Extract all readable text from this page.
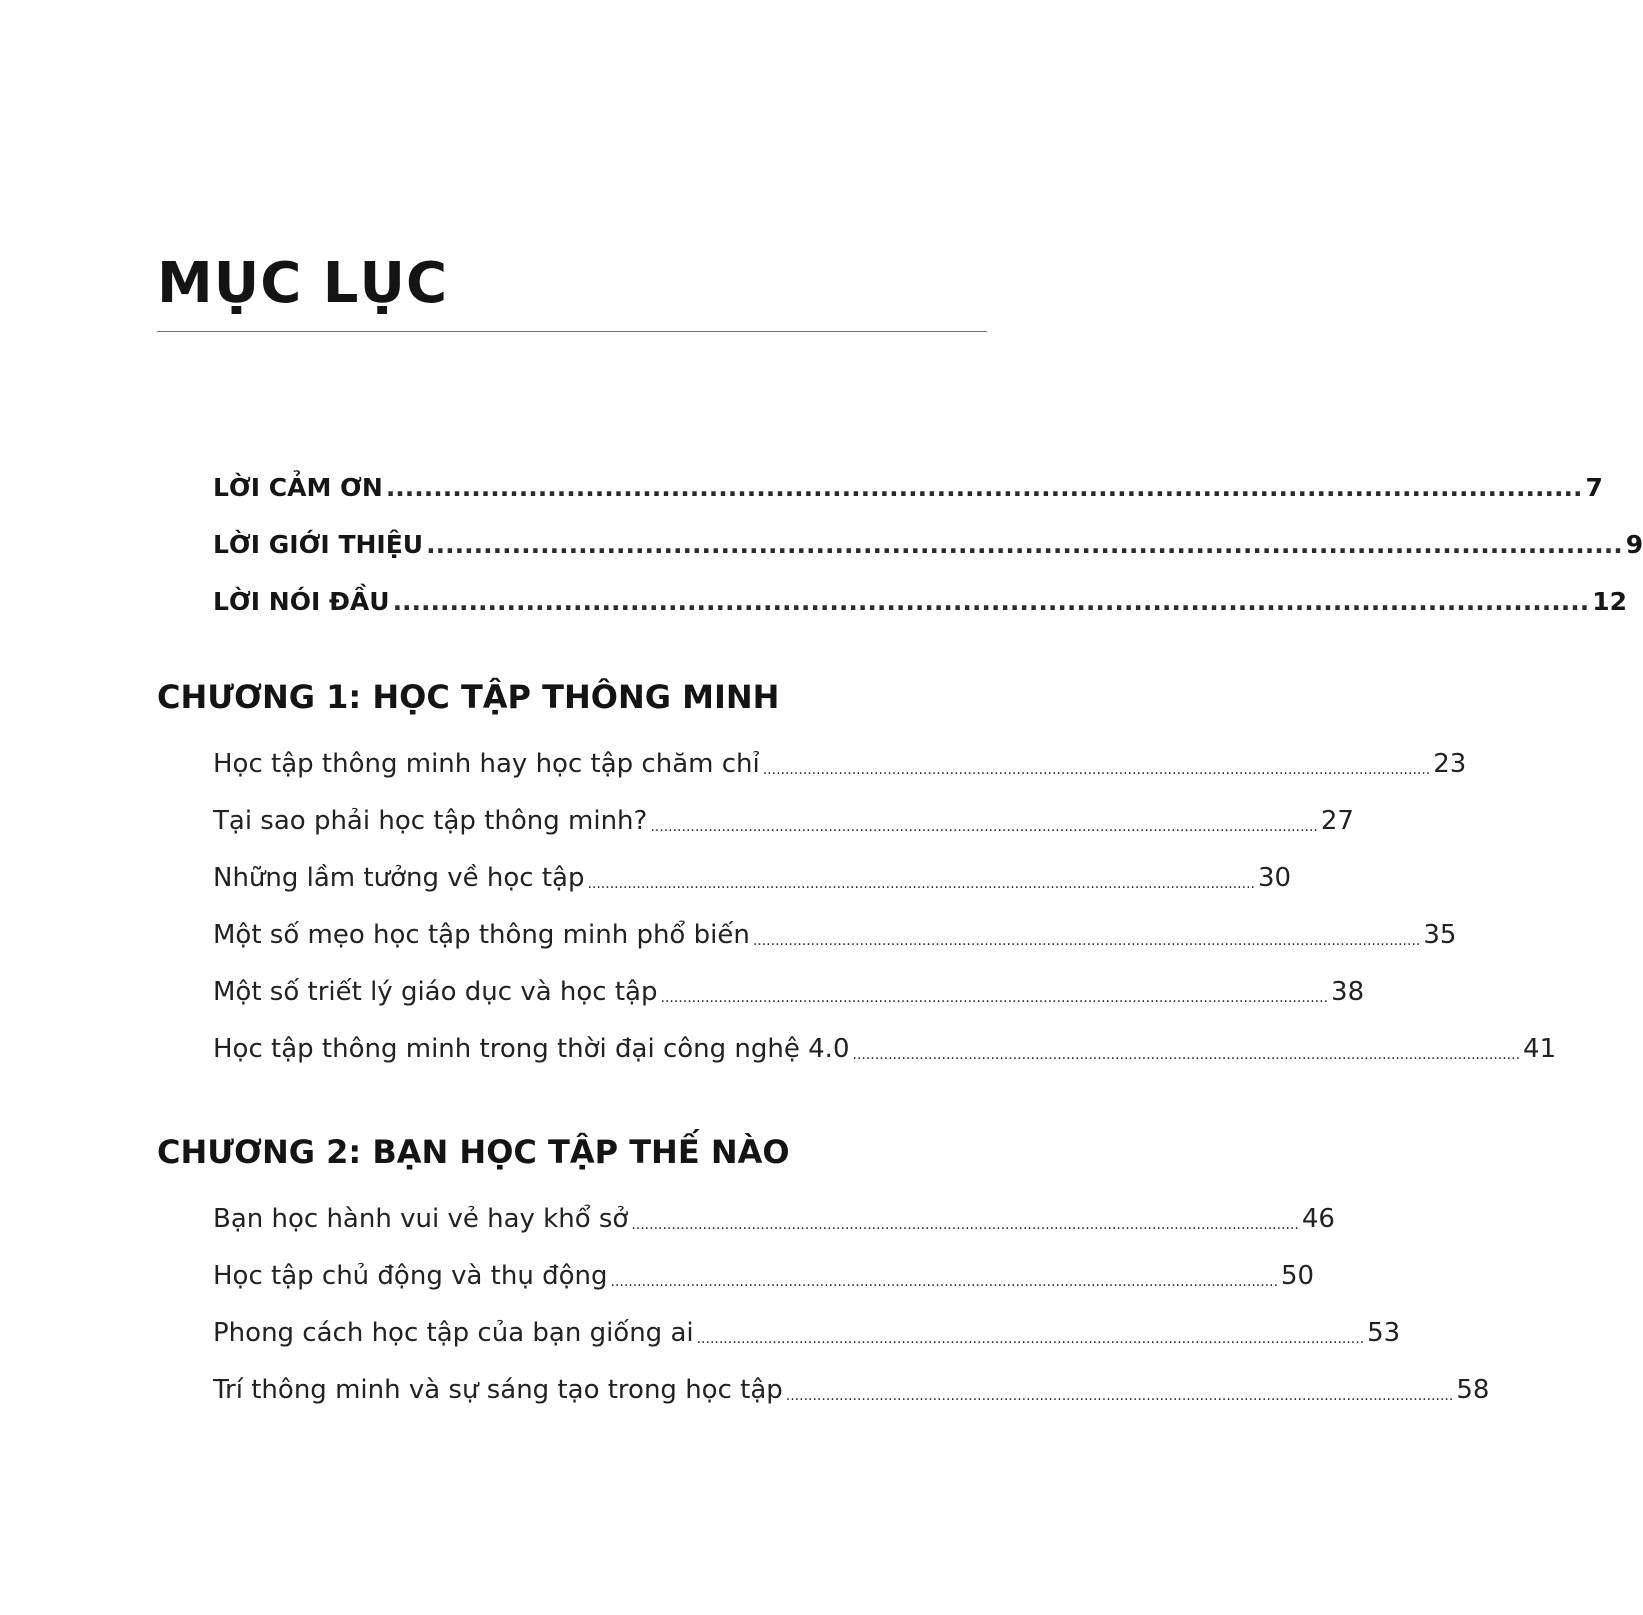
MỤC LỤC
LỜI CẢM ƠN .............................................................................................................................. 7
LỜI GIỚI THIỆU .............................................................................................................................. 9
LỜI NÓI ĐẦU .............................................................................................................................. 12
CHƯƠNG 1: HỌC TẬP THÔNG MINH
Học tập thông minh hay học tập chăm chỉ ...................................................................................................................................................... 23
Tại sao phải học tập thông minh? ...................................................................................................................................................... 27
Những lầm tưởng về học tập ...................................................................................................................................................... 30
Một số mẹo học tập thông minh phổ biến ...................................................................................................................................................... 35
Một số triết lý giáo dục và học tập ...................................................................................................................................................... 38
Học tập thông minh trong thời đại công nghệ 4.0 ...................................................................................................................................................... 41
CHƯƠNG 2: BẠN HỌC TẬP THẾ NÀO
Bạn học hành vui vẻ hay khổ sở ...................................................................................................................................................... 46
Học tập chủ động và thụ động ...................................................................................................................................................... 50
Phong cách học tập của bạn giống ai ...................................................................................................................................................... 53
Trí thông minh và sự sáng tạo trong học tập ...................................................................................................................................................... 58
